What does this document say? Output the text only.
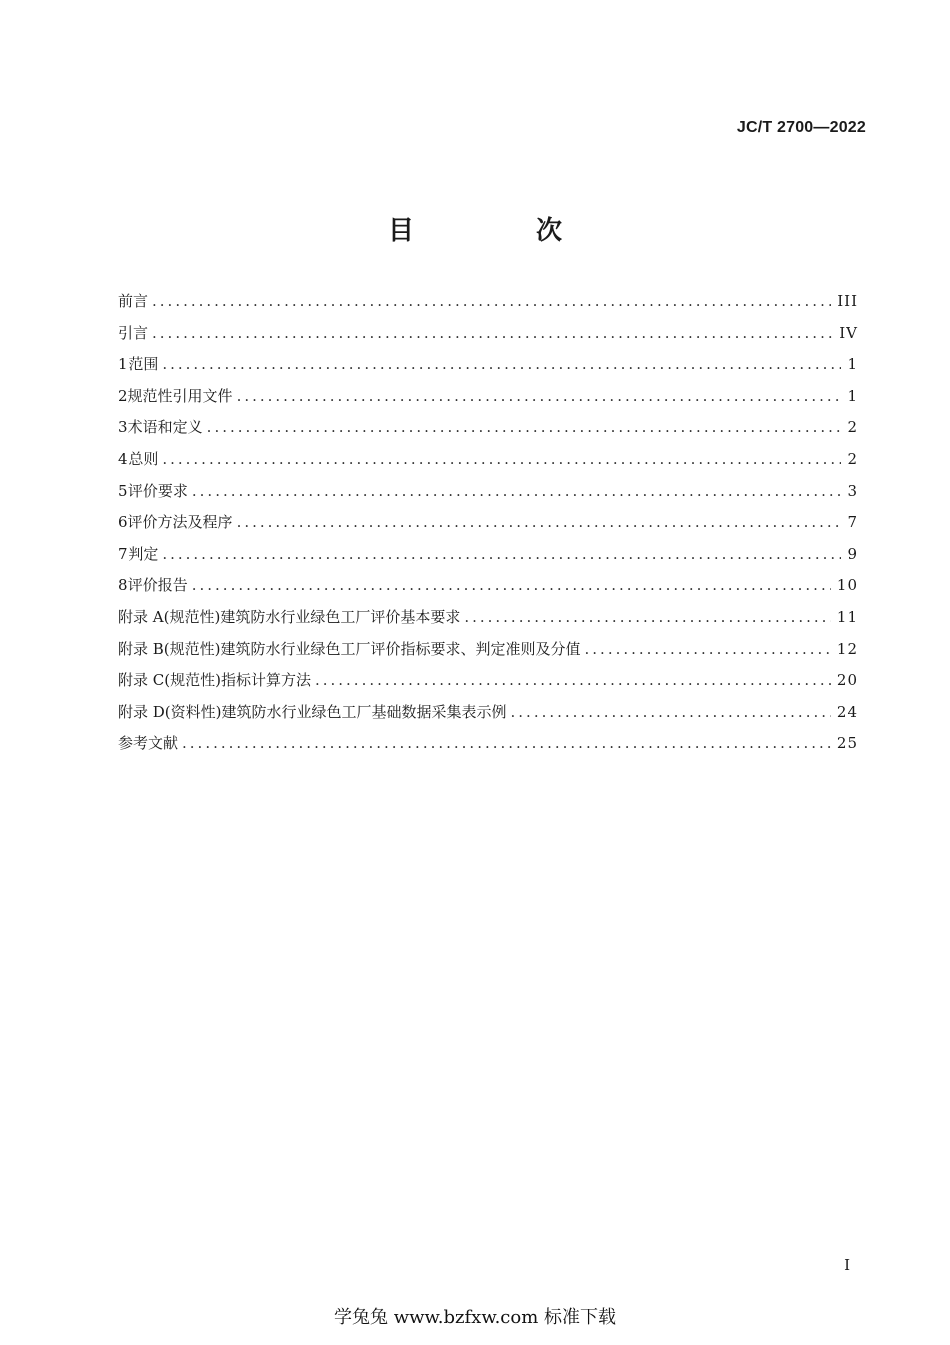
JC/T 2700—2022
目　次
前言 .....	III
引言 .....	IV
1 范围 .....	1
2 规范性引用文件 .....	1
3 术语和定义 .....	2
4 总则 .....	2
5 评价要求 .....	3
6 评价方法及程序 .....	7
7 判定 .....	9
8 评价报告 .....	10
附录 A(规范性) 建筑防水行业绿色工厂评价基本要求 .....	11
附录 B(规范性) 建筑防水行业绿色工厂评价指标要求、判定准则及分值 .....	12
附录 C(规范性) 指标计算方法 .....	20
附录 D(资料性) 建筑防水行业绿色工厂基础数据采集表示例 .....	24
参考文献 .....	25
I
学兔兔 www.bzfxw.com 标准下载
